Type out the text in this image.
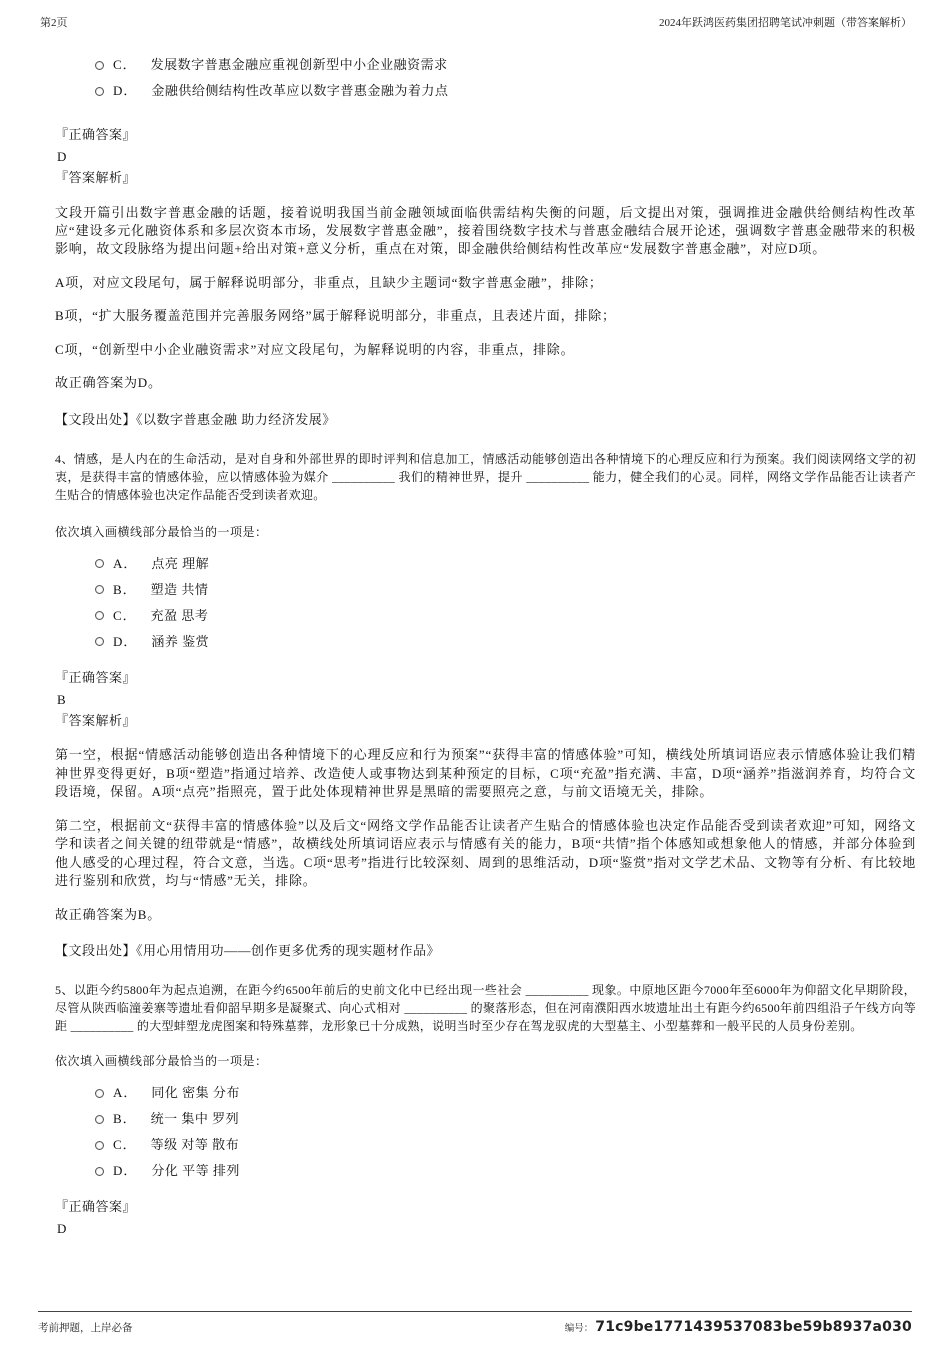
第2页	2024年跃鸿医药集团招聘笔试冲刺题（带答案解析）
C． 发展数字普惠金融应重视创新型中小企业融资需求
D． 金融供给侧结构性改革应以数字普惠金融为着力点
『正确答案』
D
『答案解析』

文段开篇引出数字普惠金融的话题，接着说明我国当前金融领域面临供需结构失衡的问题，后文提出对策，强调推进金融供给侧结构性改革应“建设多元化融资体系和多层次资本市场，发展数字普惠金融”，接着围绕数字技术与普惠金融结合展开论述，强调数字普惠金融带来的积极影响，故文段脉络为提出问题+给出对策+意义分析，重点在对策，即金融供给侧结构性改革应“发展数字普惠金融”，对应D项。

A项，对应文段尾句，属于解释说明部分，非重点，且缺少主题词“数字普惠金融”，排除；

B项，“扩大服务覆盖范围并完善服务网络”属于解释说明部分，非重点，且表述片面，排除；

C项，“创新型中小企业融资需求”对应文段尾句，为解释说明的内容，非重点，排除。

故正确答案为D。

【文段出处】《以数字普惠金融 助力经济发展》

4、情感，是人内在的生命活动，是对自身和外部世界的即时评判和信息加工，情感活动能够创造出各种情境下的心理反应和行为预案。我们阅读网络文学的初衷，是获得丰富的情感体验，应以情感体验为媒介 __________ 我们的精神世界，提升 __________ 能力，健全我们的心灵。同样，网络文学作品能否让读者产生贴合的情感体验也决定作品能否受到读者欢迎。

依次填入画横线部分最恰当的一项是：

A． 点亮 理解
B． 塑造 共情
C． 充盈 思考
D． 涵养 鉴赏
『正确答案』
B
『答案解析』

第一空，根据“情感活动能够创造出各种情境下的心理反应和行为预案”“获得丰富的情感体验”可知，横线处所填词语应表示情感体验让我们精神世界变得更好，B项“塑造”指通过培养、改造使人或事物达到某种预定的目标，C项“充盈”指充满、丰富，D项“涵养”指滋润养育，均符合文段语境，保留。A项“点亮”指照亮，置于此处体现精神世界是黑暗的需要照亮之意，与前文语境无关，排除。

第二空，根据前文“获得丰富的情感体验”以及后文“网络文学作品能否让读者产生贴合的情感体验也决定作品能否受到读者欢迎”可知，网络文学和读者之间关键的纽带就是“情感”，故横线处所填词语应表示与情感有关的能力，B项“共情”指个体感知或想象他人的情感，并部分体验到他人感受的心理过程，符合文意，当选。C项“思考”指进行比较深刻、周到的思维活动，D项“鉴赏”指对文学艺术品、文物等有分析、有比较地进行鉴别和欣赏，均与“情感”无关，排除。

故正确答案为B。

【文段出处】《用心用情用功——创作更多优秀的现实题材作品》

5、以距今约5800年为起点追溯，在距今约6500年前后的史前文化中已经出现一些社会 __________ 现象。中原地区距今7000年至6000年为仰韶文化早期阶段，尽管从陕西临潼姜寨等遗址看仰韶早期多是凝聚式、向心式相对 __________ 的聚落形态，但在河南濮阳西水坡遗址出土有距今约6500年前四组沿子午线方向等距 __________ 的大型蚌塑龙虎图案和特殊墓葬，龙形象已十分成熟，说明当时至少存在驾龙驭虎的大型墓主、小型墓葬和一般平民的人员身份差别。

依次填入画横线部分最恰当的一项是：

A． 同化 密集 分布
B． 统一 集中 罗列
C． 等级 对等 散布
D． 分化 平等 排列
『正确答案』
D
考前押题，上岸必备	编号： 71c9be1771439537083be59b8937a030
